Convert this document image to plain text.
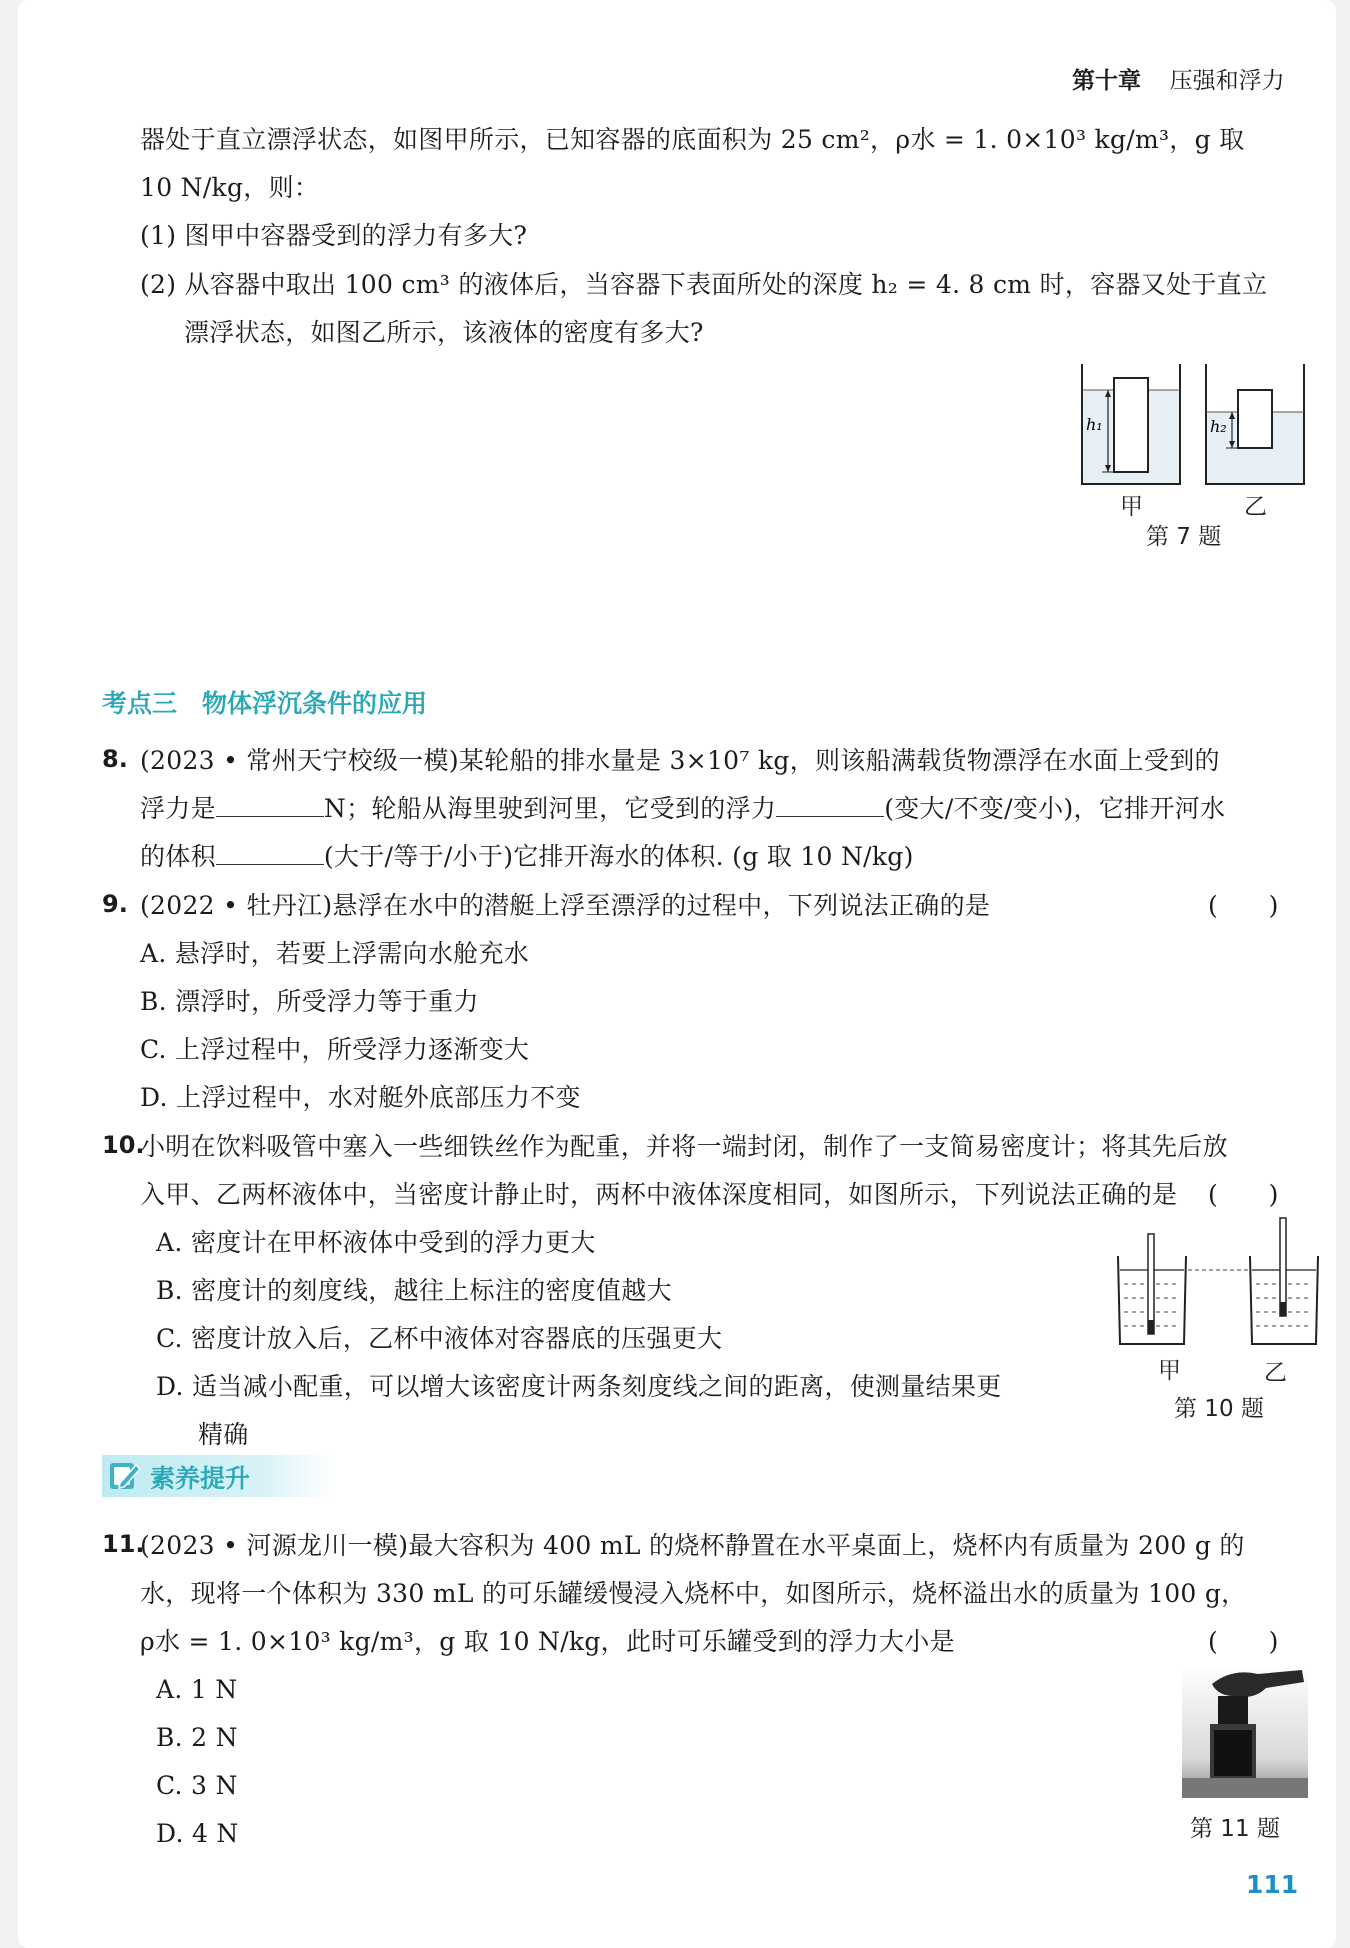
第十章 压强和浮力
器处于直立漂浮状态，如图甲所示，已知容器的底面积为 25 cm²，ρ水 = 1. 0×10³ kg/m³，g 取
10 N/kg，则：
(1) 图甲中容器受到的浮力有多大?
(2) 从容器中取出 100 cm³ 的液体后，当容器下表面所处的深度 h₂ = 4. 8 cm 时，容器又处于直立
漂浮状态，如图乙所示，该液体的密度有多大?
h₁	h₂
甲	乙
第 7 题
考点三　物体浮沉条件的应用
8. (2023 • 常州天宁校级一模)某轮船的排水量是 3×10⁷ kg，则该船满载货物漂浮在水面上受到的
浮力是	N；轮船从海里驶到河里，它受到的浮力	(变大/不变/变小)，它排开河水
的体积	(大于/等于/小于)它排开海水的体积. (g 取 10 N/kg)
9. (2022 • 牡丹江)悬浮在水中的潜艇上浮至漂浮的过程中，下列说法正确的是	(　　)
A. 悬浮时，若要上浮需向水舱充水
B. 漂浮时，所受浮力等于重力
C. 上浮过程中，所受浮力逐渐变大
D. 上浮过程中，水对艇外底部压力不变
10.
小明在饮料吸管中塞入一些细铁丝作为配重，并将一端封闭，制作了一支简易密度计；将其先后放
入甲、乙两杯液体中，当密度计静止时，两杯中液体深度相同，如图所示，下列说法正确的是 (　　)
A. 密度计在甲杯液体中受到的浮力更大
B. 密度计的刻度线，越往上标注的密度值越大
C. 密度计放入后，乙杯中液体对容器底的压强更大
D. 适当减小配重，可以增大该密度计两条刻度线之间的距离，使测量结果更
精确
甲	乙
第 10 题
素养提升
11.
(2023 • 河源龙川一模)最大容积为 400 mL 的烧杯静置在水平桌面上，烧杯内有质量为 200 g 的
水，现将一个体积为 330 mL 的可乐罐缓慢浸入烧杯中，如图所示，烧杯溢出水的质量为 100 g，
ρ水 = 1. 0×10³ kg/m³，g 取 10 N/kg，此时可乐罐受到的浮力大小是	(　　)
A. 1 N
B. 2 N
C. 3 N
D. 4 N	第 11 题
111
